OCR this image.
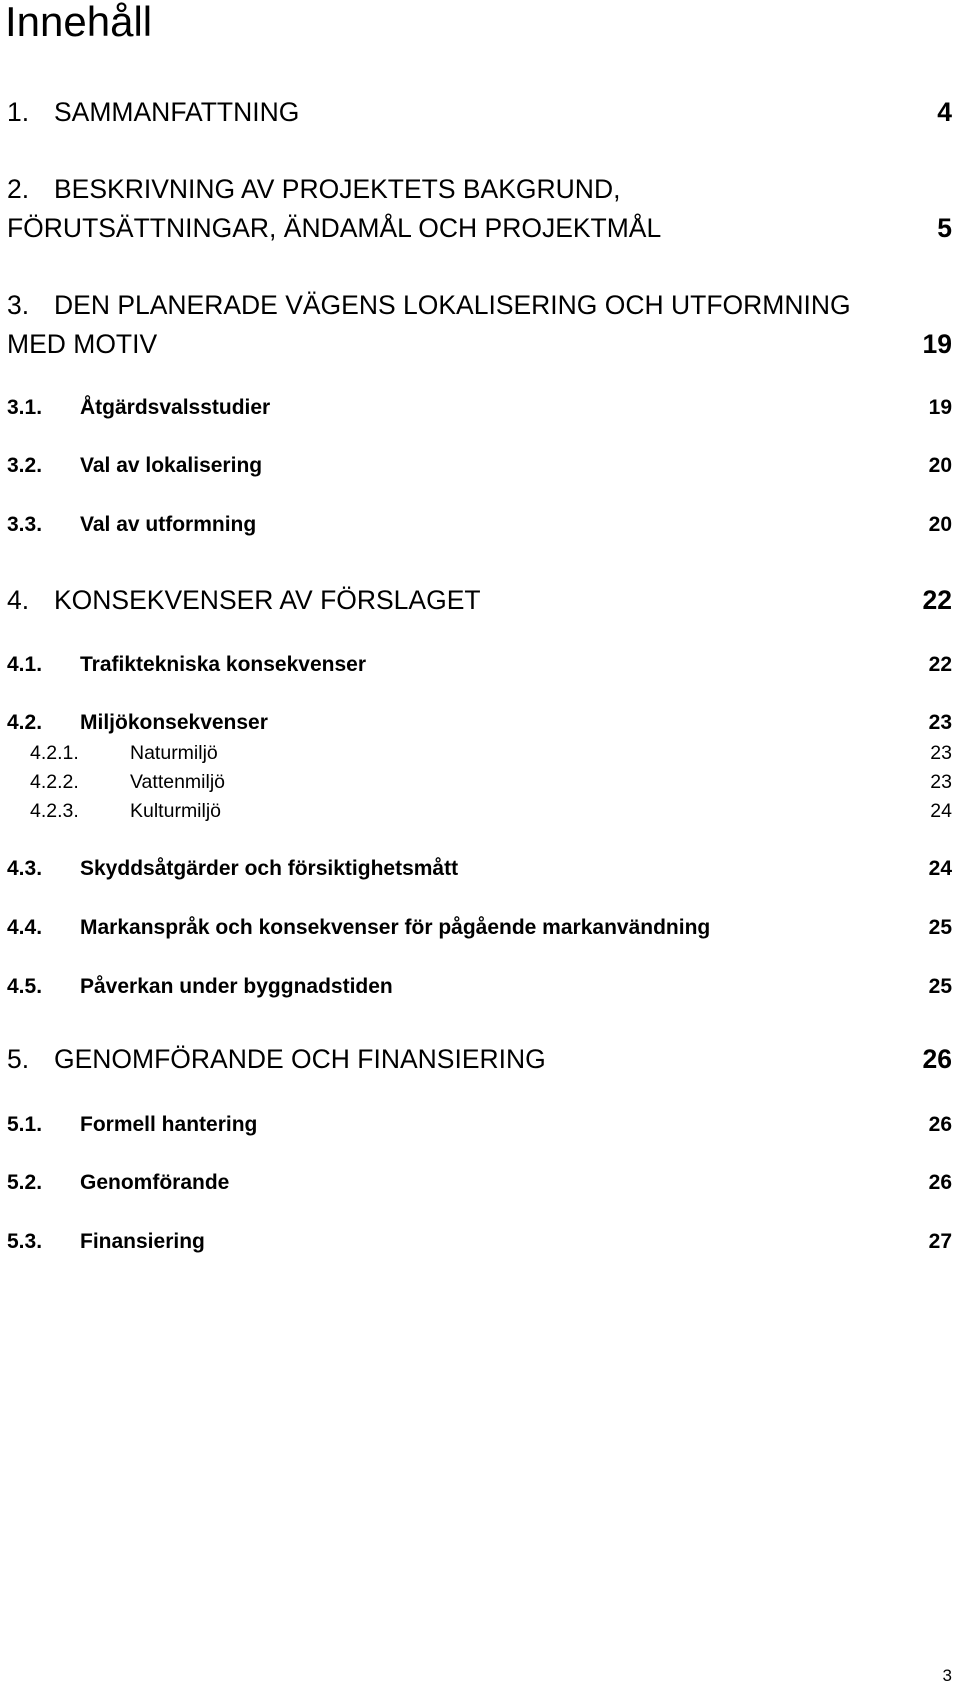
Innehåll
1. SAMMANFATTNING	4
2. BESKRIVNING AV PROJEKTETS BAKGRUND,
FÖRUTSÄTTNINGAR, ÄNDAMÅL OCH PROJEKTMÅL	5
3. DEN PLANERADE VÄGENS LOKALISERING OCH UTFORMNING
MED MOTIV	19
3.1. Åtgärdsvalsstudier	19
3.2. Val av lokalisering	20
3.3. Val av utformning	20
4. KONSEKVENSER AV FÖRSLAGET	22
4.1. Trafiktekniska konsekvenser	22
4.2. Miljökonsekvenser	23
4.2.1.	Naturmiljö	23
4.2.2.	Vattenmiljö	23
4.2.3.	Kulturmiljö	24
4.3. Skyddsåtgärder och försiktighetsmått	24
4.4. Markanspråk och konsekvenser för pågående markanvändning	25
4.5. Påverkan under byggnadstiden	25
5. GENOMFÖRANDE OCH FINANSIERING	26
5.1. Formell hantering	26
5.2. Genomförande	26
5.3. Finansiering	27
3
